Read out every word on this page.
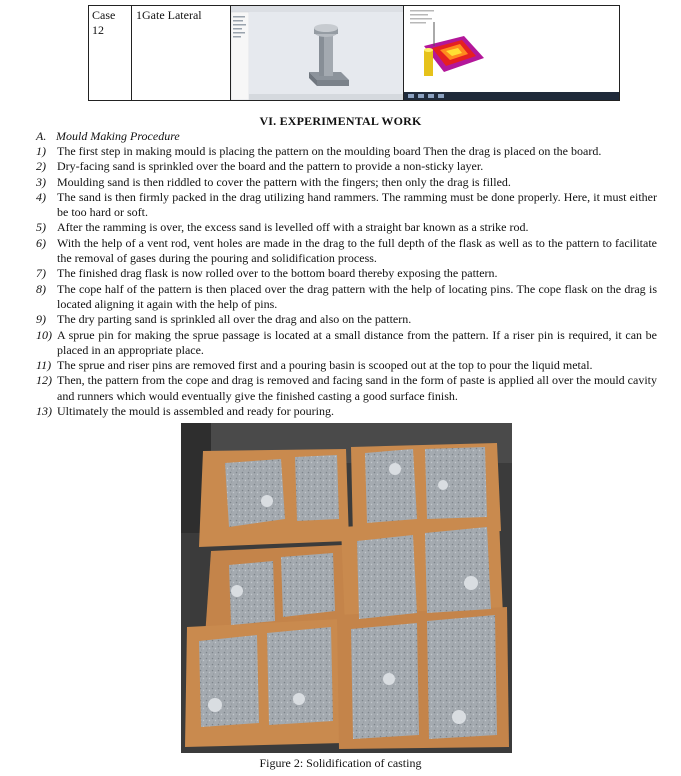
Case
12	1Gate Lateral	

VI. EXPERIMENTAL WORK
A. Mould Making Procedure
1) The first step in making mould is placing the pattern on the moulding board Then the drag is placed on the board.
2) Dry-facing sand is sprinkled over the board and the pattern to provide a non-sticky layer.
3) Moulding sand is then riddled to cover the pattern with the fingers; then only the drag is filled.
4) The sand is then firmly packed in the drag utilizing hand rammers. The ramming must be done properly. Here, it must either be too hard or soft.
5) After the ramming is over, the excess sand is levelled off with a straight bar known as a strike rod.
6) With the help of a vent rod, vent holes are made in the drag to the full depth of the flask as well as to the pattern to facilitate the removal of gases during the pouring and solidification process.
7) The finished drag flask is now rolled over to the bottom board thereby exposing the pattern.
8) The cope half of the pattern is then placed over the drag pattern with the help of locating pins. The cope flask on the drag is located aligning it again with the help of pins.
9) The dry parting sand is sprinkled all over the drag and also on the pattern.
10) A sprue pin for making the sprue passage is located at a small distance from the pattern. If a riser pin is required, it can be placed in an appropriate place.
11) The sprue and riser pins are removed first and a pouring basin is scooped out at the top to pour the liquid metal.
12) Then, the pattern from the cope and drag is removed and facing sand in the form of paste is applied all over the mould cavity and runners which would eventually give the finished casting a good surface finish.
13) Ultimately the mould is assembled and ready for pouring.
Figure 2: Solidification of casting
